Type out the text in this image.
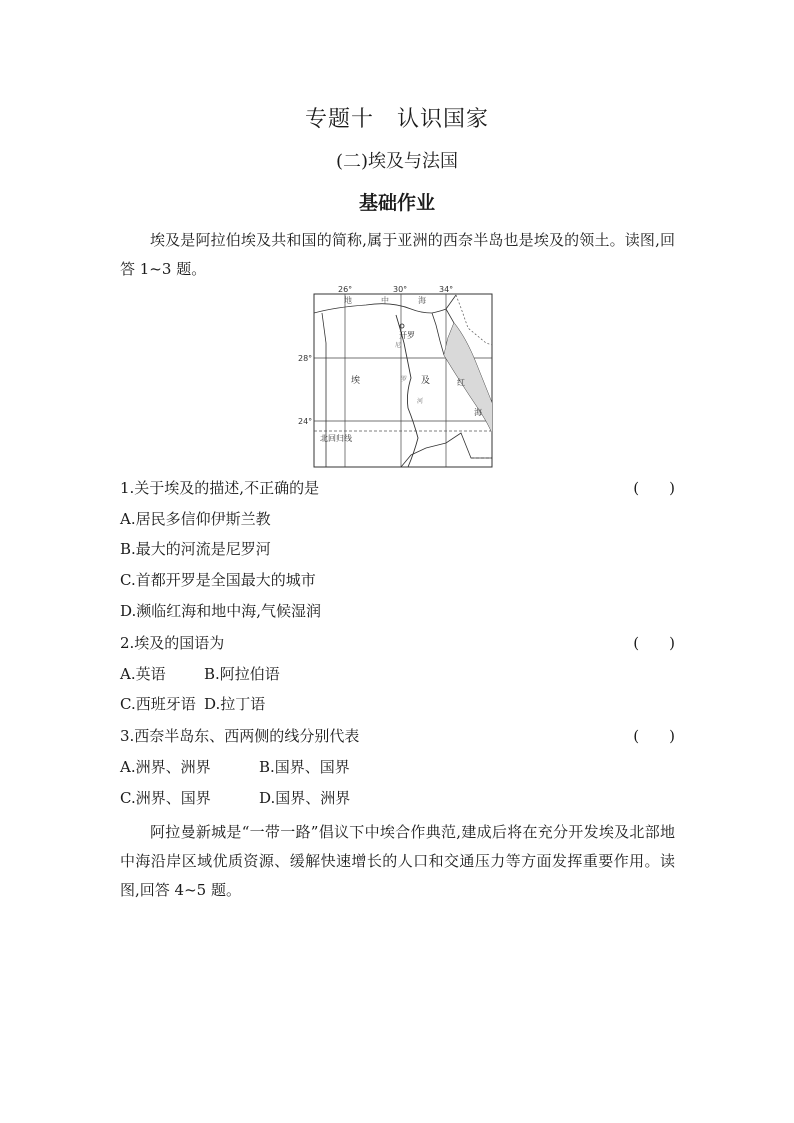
专题十　认识国家
(二)埃及与法国
基础作业
埃及是阿拉伯埃及共和国的简称,属于亚洲的西奈半岛也是埃及的领土。读图,回答 1~3 题。
26°	30°	34°
28°
24°
地	中	海
开罗
埃	及	红
海
尼
罗
河
北回归线
1.关于埃及的描述,不正确的是	(　　)
A.居民多信仰伊斯兰教
B.最大的河流是尼罗河
C.首都开罗是全国最大的城市
D.濒临红海和地中海,气候湿润
2.埃及的国语为	(　　)
A.英语	B.阿拉伯语
C.西班牙语 D.拉丁语
3.西奈半岛东、西两侧的线分别代表	(　　)
A.洲界、洲界	B.国界、国界
C.洲界、国界	D.国界、洲界
阿拉曼新城是“一带一路”倡议下中埃合作典范,建成后将在充分开发埃及北部地中海沿岸区域优质资源、缓解快速增长的人口和交通压力等方面发挥重要作用。读图,回答 4~5 题。
